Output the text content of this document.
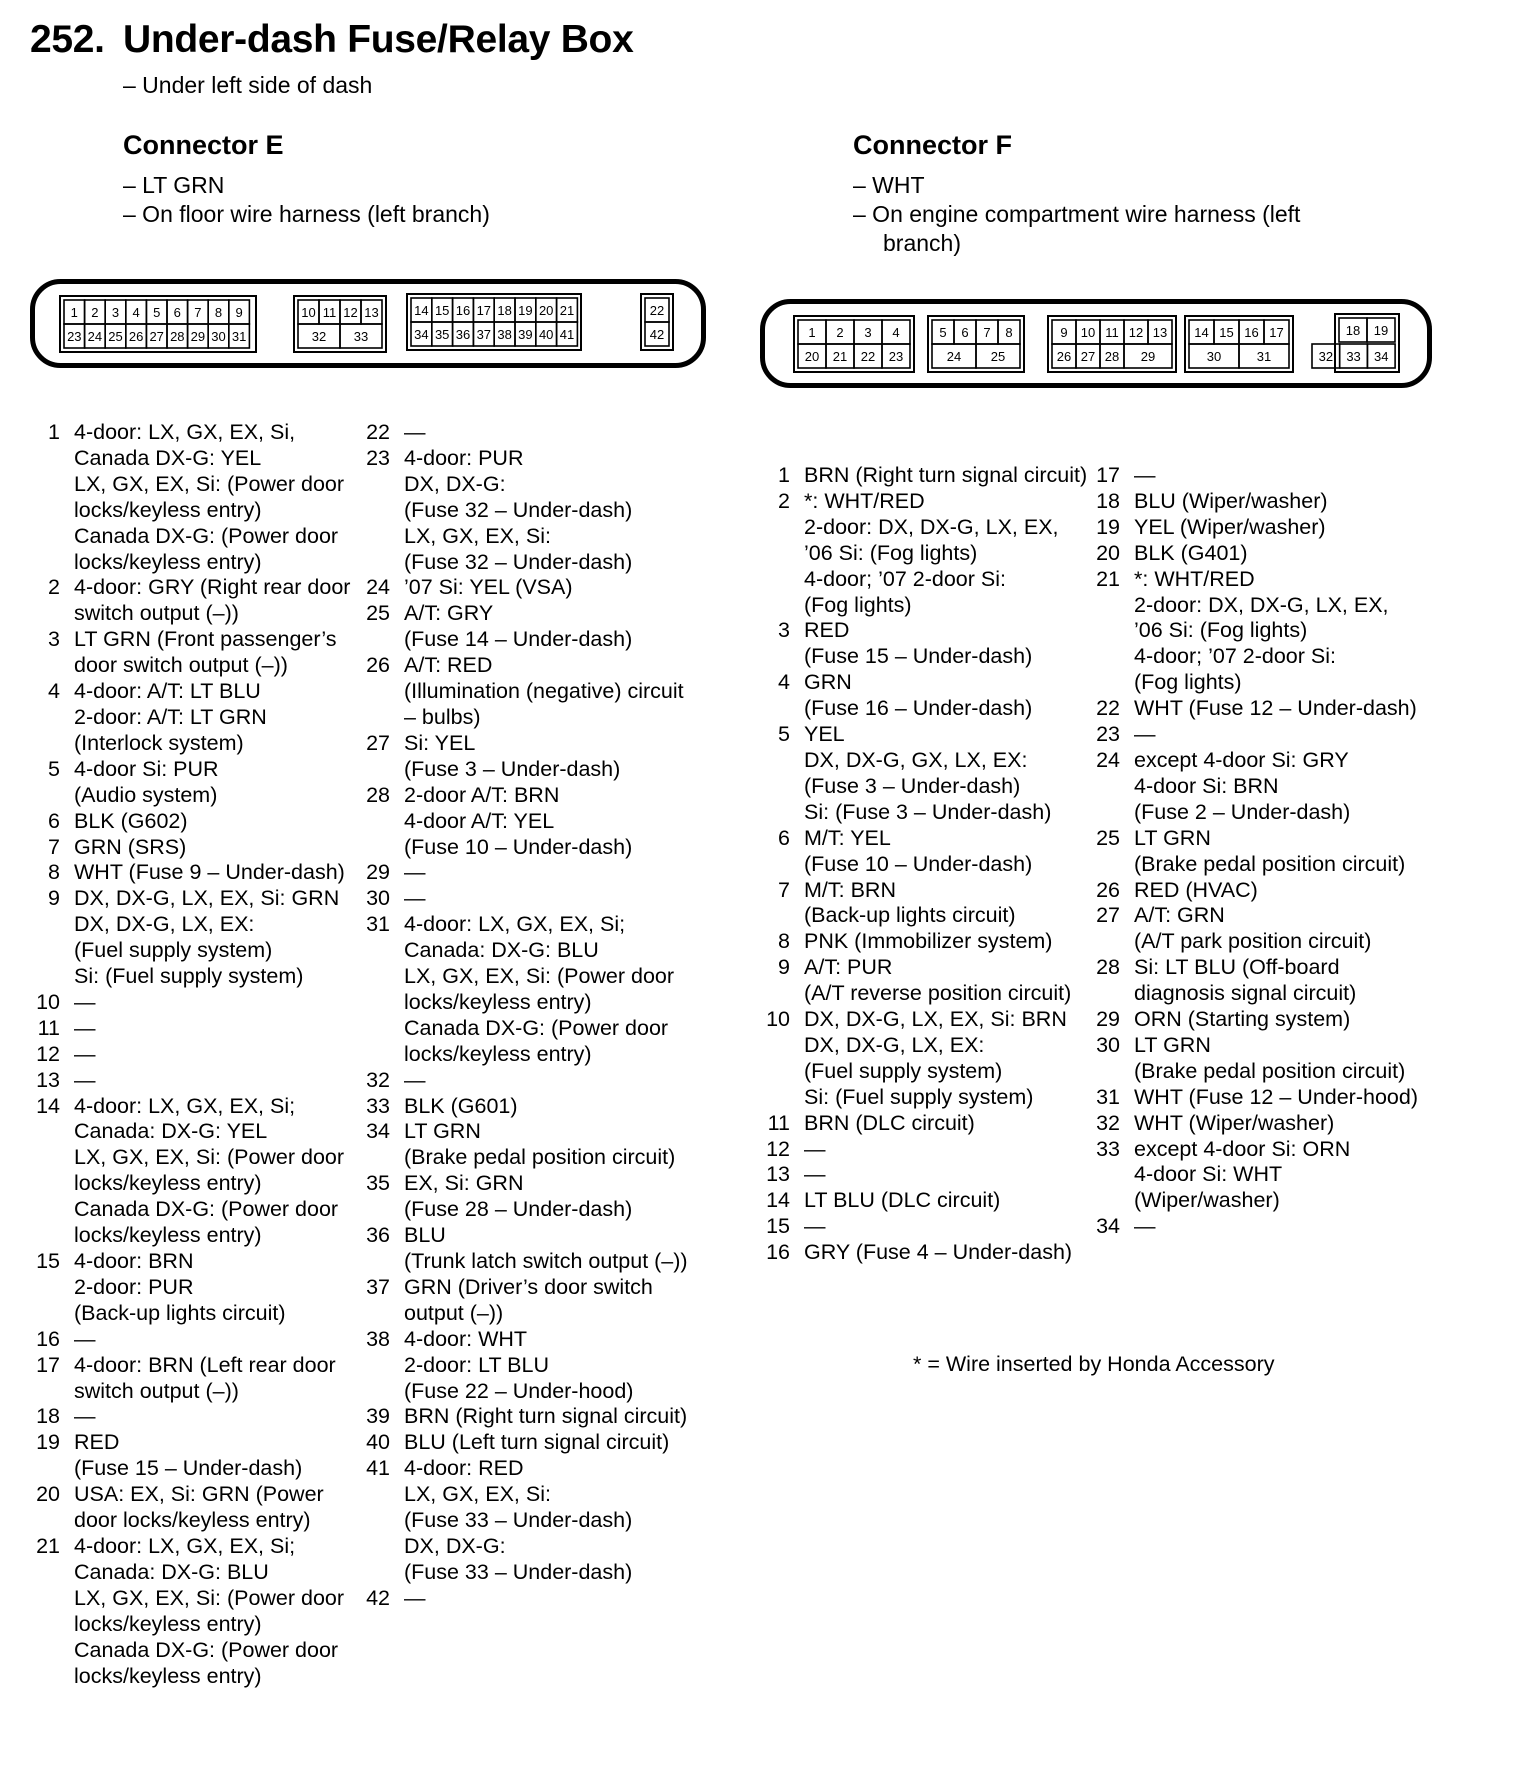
252. Under-dash Fuse/Relay Box
– Under left side of dash
Connector E
– LT GRN
– On floor wire harness (left branch)
Connector F
– WHT
– On engine compartment wire harness (left branch)
1 2 3 4 5 6 7 8 9	10 11 12 13	14 15 16 17 18 19 20 21	22
23 24 25 26 27 28 29 30 31	32 33	34 35 36 37 38 39 40 41	42	1 2 3 4	5 6 7 8	9 10 11 12 13 14 15 16 17	18 19
20 21 22 23	24 25	26 27 28 29	30	31	32 33 34
1 4-door: LX, GX, EX, Si,
Canada DX-G: YEL
LX, GX, EX, Si: (Power door
locks/keyless entry)
Canada DX-G: (Power door
locks/keyless entry)
2 4-door: GRY (Right rear door
switch output (–))
3 LT GRN (Front passenger’s
door switch output (–))
4 4-door: A/T: LT BLU
2-door: A/T: LT GRN
(Interlock system)
5 4-door Si: PUR
(Audio system)
6 BLK (G602)
7 GRN (SRS)
8 WHT (Fuse 9 – Under-dash)
9 DX, DX-G, LX, EX, Si: GRN
DX, DX-G, LX, EX:
(Fuel supply system)
Si: (Fuel supply system)
10 —
11 —
12 —
13 —
14 4-door: LX, GX, EX, Si;
Canada: DX-G: YEL
LX, GX, EX, Si: (Power door
locks/keyless entry)
Canada DX-G: (Power door
locks/keyless entry)
15 4-door: BRN
2-door: PUR
(Back-up lights circuit)
16 —
17 4-door: BRN (Left rear door
switch output (–))
18 —
19 RED
(Fuse 15 – Under-dash)
20 USA: EX, Si: GRN (Power
door locks/keyless entry)
21 4-door: LX, GX, EX, Si;
Canada: DX-G: BLU
LX, GX, EX, Si: (Power door
locks/keyless entry)
Canada DX-G: (Power door
locks/keyless entry)
22 —
23 4-door: PUR
DX, DX-G:
(Fuse 32 – Under-dash)
LX, GX, EX, Si:
(Fuse 32 – Under-dash)
24 ’07 Si: YEL (VSA)
25 A/T: GRY
(Fuse 14 – Under-dash)
26 A/T: RED
(Illumination (negative) circuit
– bulbs)
27 Si: YEL
(Fuse 3 – Under-dash)
28 2-door A/T: BRN
4-door A/T: YEL
(Fuse 10 – Under-dash)
29 —
30 —
31 4-door: LX, GX, EX, Si;
Canada: DX-G: BLU
LX, GX, EX, Si: (Power door
locks/keyless entry)
Canada DX-G: (Power door
locks/keyless entry)
32 —
33 BLK (G601)
34 LT GRN
(Brake pedal position circuit)
35 EX, Si: GRN
(Fuse 28 – Under-dash)
36 BLU
(Trunk latch switch output (–))
37 GRN (Driver’s door switch
output (–))
38 4-door: WHT
2-door: LT BLU
(Fuse 22 – Under-hood)
39 BRN (Right turn signal circuit)
40 BLU (Left turn signal circuit)
41 4-door: RED
LX, GX, EX, Si:
(Fuse 33 – Under-dash)
DX, DX-G:
(Fuse 33 – Under-dash)
42 —
1 BRN (Right turn signal circuit)
2 *: WHT/RED
2-door: DX, DX-G, LX, EX,
’06 Si: (Fog lights)
4-door; ’07 2-door Si:
(Fog lights)
3 RED
(Fuse 15 – Under-dash)
4 GRN
(Fuse 16 – Under-dash)
5 YEL
DX, DX-G, GX, LX, EX:
(Fuse 3 – Under-dash)
Si: (Fuse 3 – Under-dash)
6 M/T: YEL
(Fuse 10 – Under-dash)
7 M/T: BRN
(Back-up lights circuit)
8 PNK (Immobilizer system)
9 A/T: PUR
(A/T reverse position circuit)
10 DX, DX-G, LX, EX, Si: BRN
DX, DX-G, LX, EX:
(Fuel supply system)
Si: (Fuel supply system)
11 BRN (DLC circuit)
12 —
13 —
14 LT BLU (DLC circuit)
15 —
16 GRY (Fuse 4 – Under-dash)
17 —
18 BLU (Wiper/washer)
19 YEL (Wiper/washer)
20 BLK (G401)
21 *: WHT/RED
2-door: DX, DX-G, LX, EX,
’06 Si: (Fog lights)
4-door; ’07 2-door Si:
(Fog lights)
22 WHT (Fuse 12 – Under-dash)
23 —
24 except 4-door Si: GRY
4-door Si: BRN
(Fuse 2 – Under-dash)
25 LT GRN
(Brake pedal position circuit)
26 RED (HVAC)
27 A/T: GRN
(A/T park position circuit)
28 Si: LT BLU (Off-board
diagnosis signal circuit)
29 ORN (Starting system)
30 LT GRN
(Brake pedal position circuit)
31 WHT (Fuse 12 – Under-hood)
32 WHT (Wiper/washer)
33 except 4-door Si: ORN
4-door Si: WHT
(Wiper/washer)
34 —
* = Wire inserted by Honda Accessory
